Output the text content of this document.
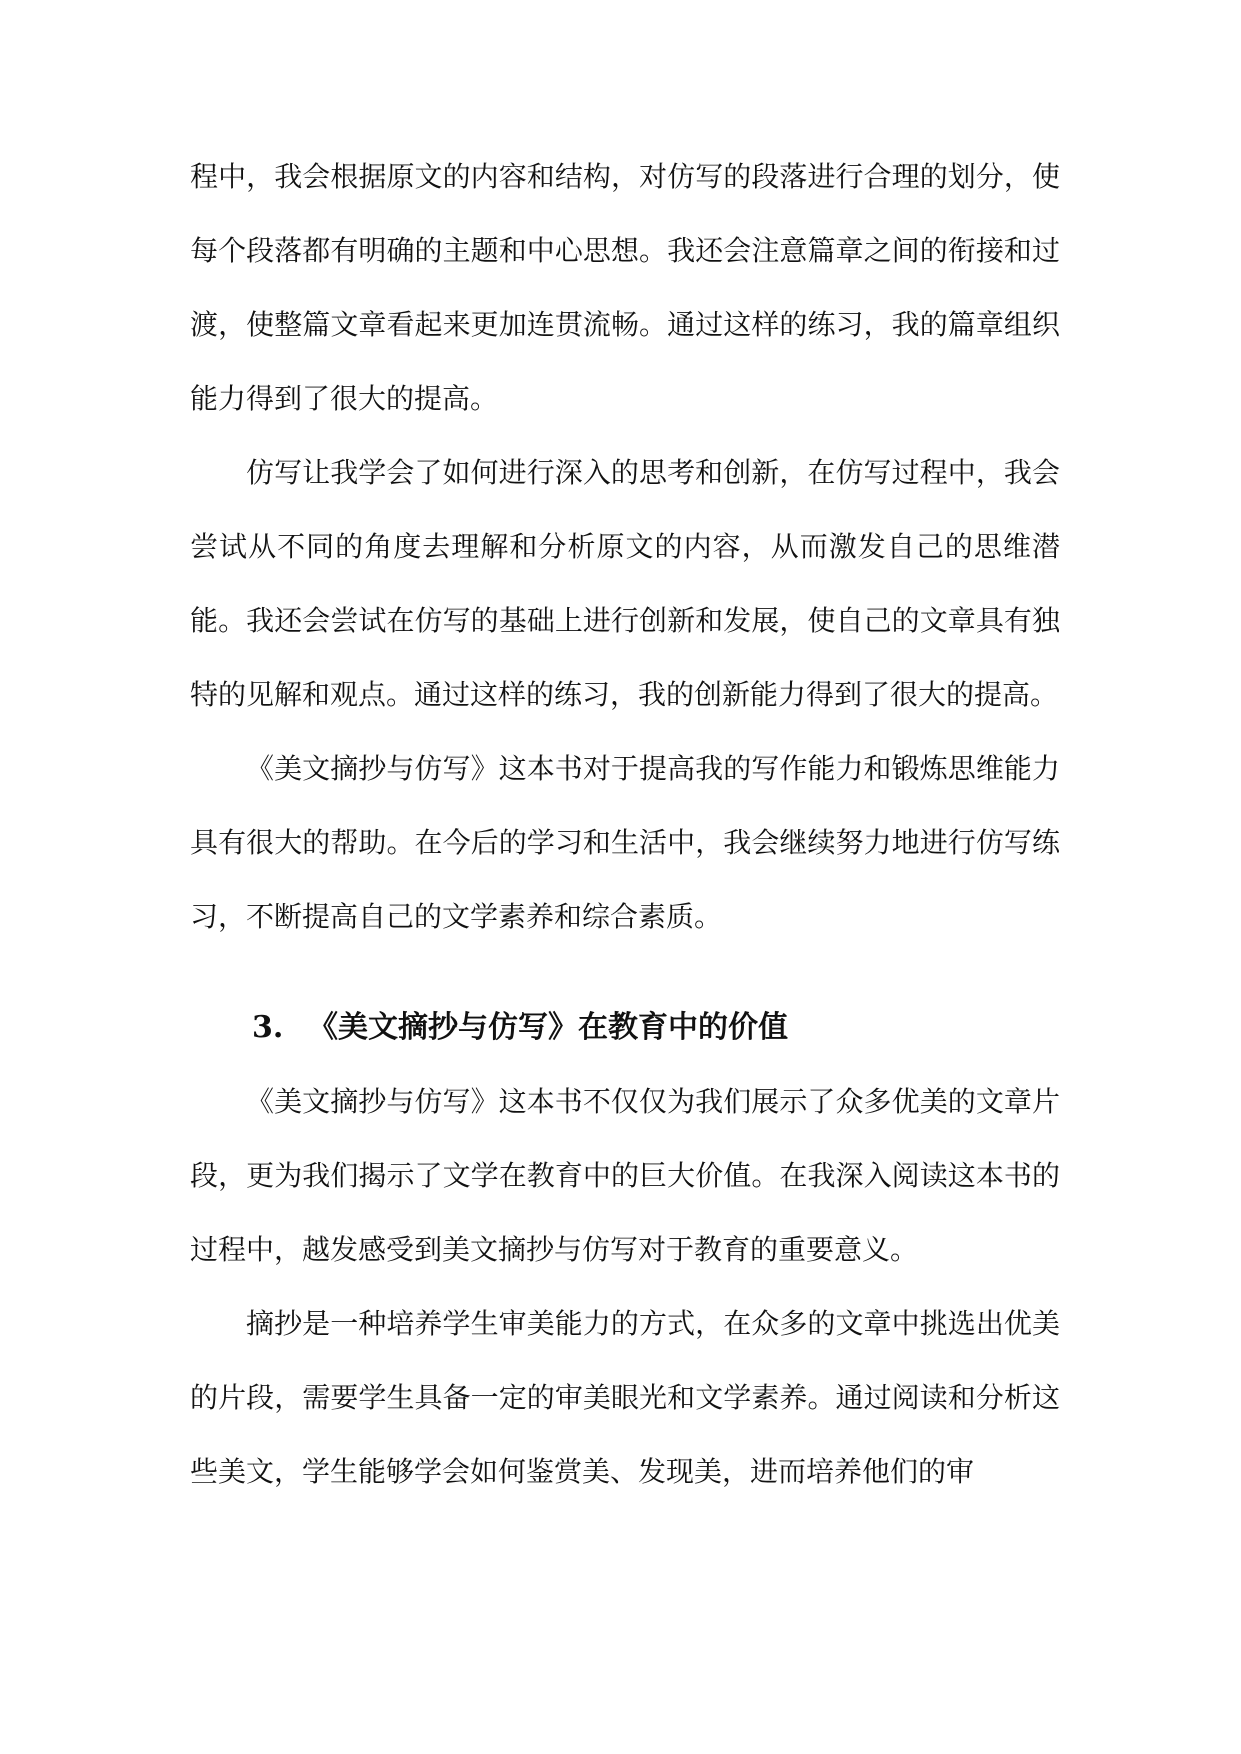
程中，我会根据原文的内容和结构，对仿写的段落进行合理的划分，使每个段落都有明确的主题和中心思想。我还会注意篇章之间的衔接和过渡，使整篇文章看起来更加连贯流畅。通过这样的练习，我的篇章组织能力得到了很大的提高。

仿写让我学会了如何进行深入的思考和创新，在仿写过程中，我会尝试从不同的角度去理解和分析原文的内容，从而激发自己的思维潜能。我还会尝试在仿写的基础上进行创新和发展，使自己的文章具有独特的见解和观点。通过这样的练习，我的创新能力得到了很大的提高。

《美文摘抄与仿写》这本书对于提高我的写作能力和锻炼思维能力具有很大的帮助。在今后的学习和生活中，我会继续努力地进行仿写练习，不断提高自己的文学素养和综合素质。

3. 《美文摘抄与仿写》在教育中的价值

《美文摘抄与仿写》这本书不仅仅为我们展示了众多优美的文章片段，更为我们揭示了文学在教育中的巨大价值。在我深入阅读这本书的过程中，越发感受到美文摘抄与仿写对于教育的重要意义。

摘抄是一种培养学生审美能力的方式，在众多的文章中挑选出优美的片段，需要学生具备一定的审美眼光和文学素养。通过阅读和分析这些美文，学生能够学会如何鉴赏美、发现美，进而培养他们的审
